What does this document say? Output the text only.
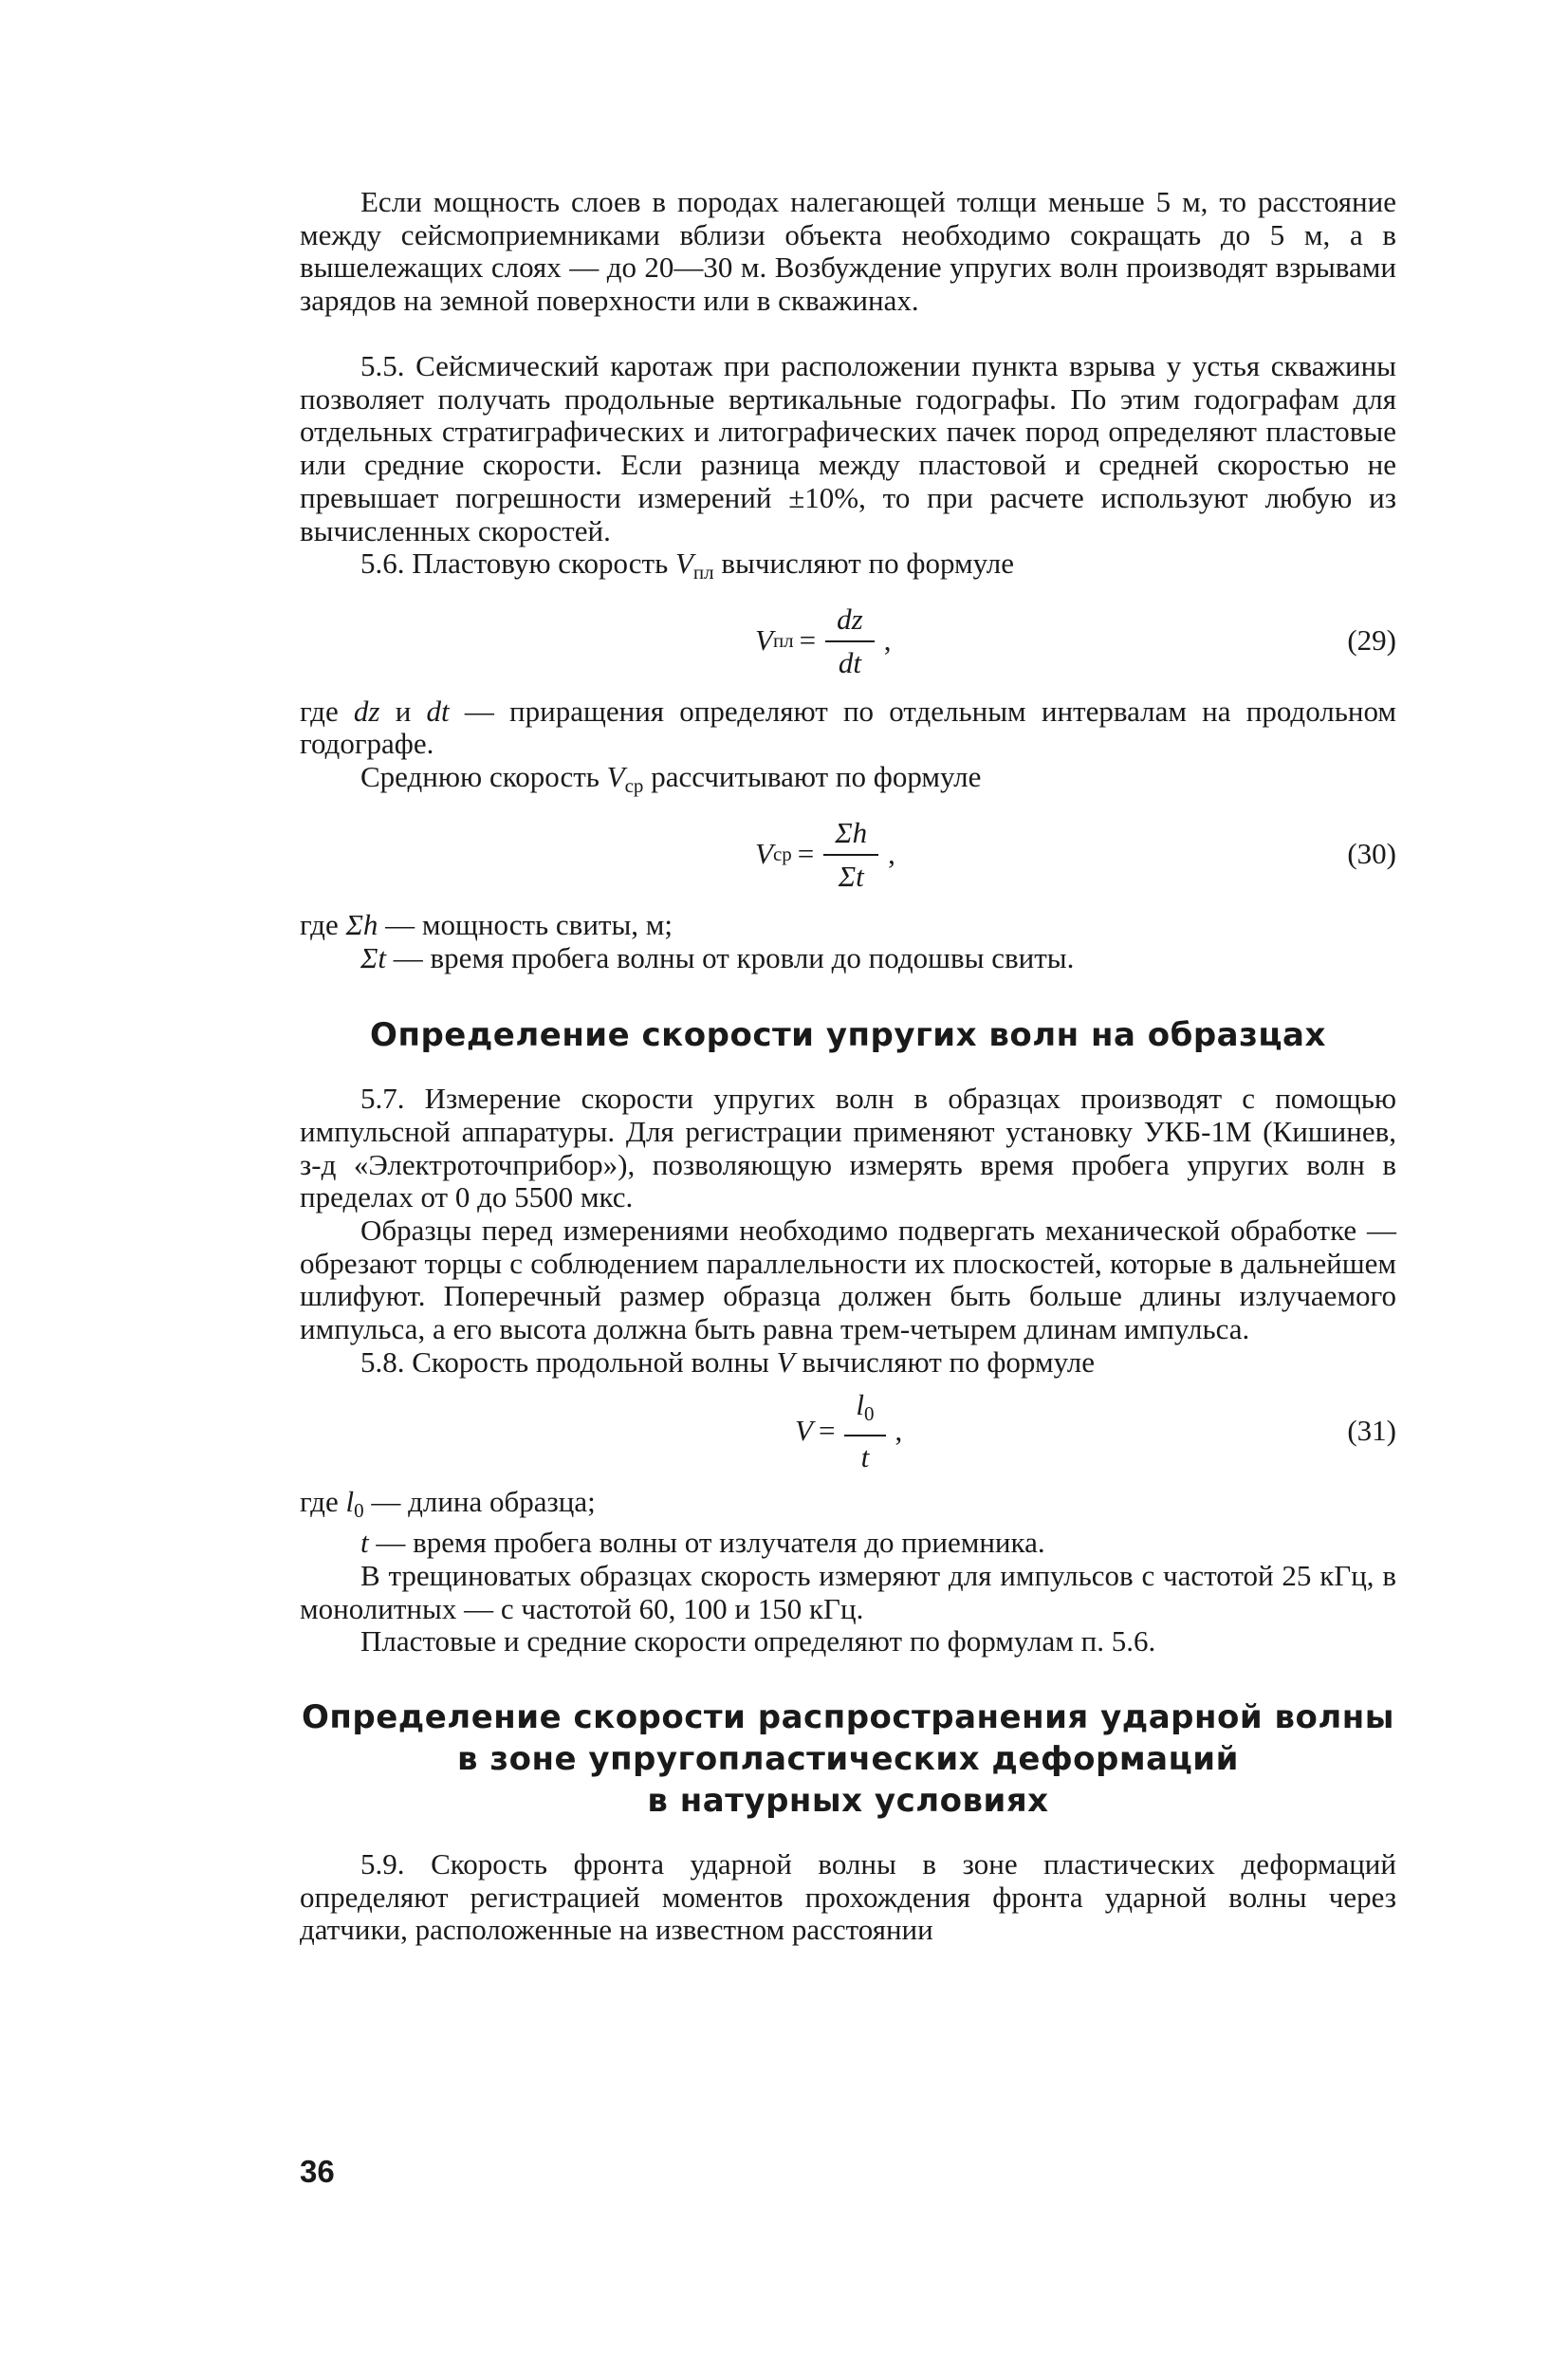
Если мощность слоев в породах налегающей толщи меньше 5 м, то расстояние между сейсмоприемниками вблизи объекта необходимо сокращать до 5 м, а в вышележащих слоях — до 20—30 м. Возбуждение упругих волн производят взрывами зарядов на земной поверхности или в скважинах.

5.5. Сейсмический каротаж при расположении пункта взрыва у устья скважины позволяет получать продольные вертикальные годографы. По этим годографам для отдельных стратиграфических и литографических пачек пород определяют пластовые или средние скорости. Если разница между пластовой и средней скоростью не превышает погрешности измерений ±10%, то при расчете используют любую из вычисленных скоростей.

5.6. Пластовую скорость $V_{пл}$ вычисляют по формуле

V пл = $\frac{dz}{dt}$ ,	(29)

где dz и dt — приращения определяют по отдельным интервалам на продольном годографе.

Среднюю скорость $V_{ср}$ рассчитывают по формуле

V ср = $\frac{\Sigma h}{\Sigma t}$ ,	(30)

где Σh — мощность свиты, м;

Σt — время пробега волны от кровли до подошвы свиты.

Определение скорости упругих волн на образцах

5.7. Измерение скорости упругих волн в образцах производят с помощью импульсной аппаратуры. Для регистрации применяют установку УКБ-1М (Кишинев, з-д «Электроточприбор»), позволяющую измерять время пробега упругих волн в пределах от 0 до 5500 мкс.

Образцы перед измерениями необходимо подвергать механической обработке — обрезают торцы с соблюдением параллельности их плоскостей, которые в дальнейшем шлифуют. Поперечный размер образца должен быть больше длины излучаемого импульса, а его высота должна быть равна трем-четырем длинам импульса.

5.8. Скорость продольной волны V вычисляют по формуле

$V = \frac{l_0}{t}$ ,	(31)

где $l_0$ — длина образца;

t — время пробега волны от излучателя до приемника.

В трещиноватых образцах скорость измеряют для импульсов с частотой 25 кГц, в монолитных — с частотой 60, 100 и 150 кГц.

Пластовые и средние скорости определяют по формулам п. 5.6.

Определение скорости распространения ударной волны
в зоне упругопластических деформаций
в натурных условиях

5.9. Скорость фронта ударной волны в зоне пластических деформаций определяют регистрацией моментов прохождения фронта ударной волны через датчики, расположенные на известном расстоянии

36
